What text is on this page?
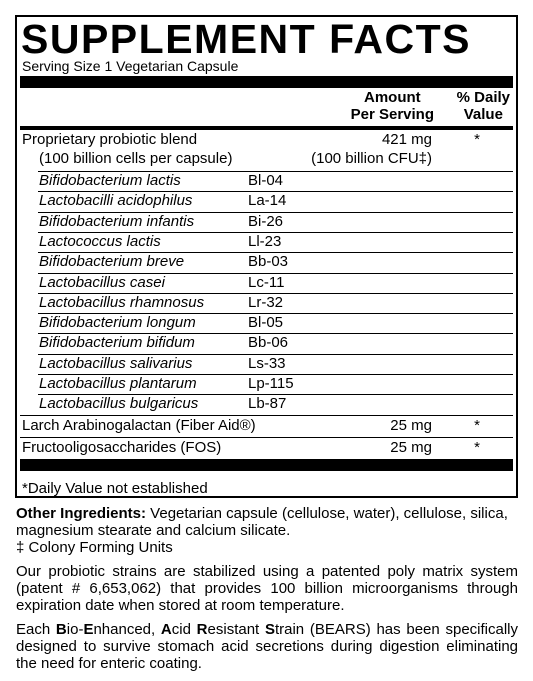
SUPPLEMENT FACTS
Serving Size 1 Vegetarian Capsule
Amount
Per Serving
% Daily
Value
Proprietary probiotic blend	421 mg	*
(100 billion cells per capsule)	(100 billion CFU‡)
Bifidobacterium lactis	Bl-04
Lactobacilli acidophilus	La-14
Bifidobacterium infantis	Bi-26
Lactococcus lactis	Ll-23
Bifidobacterium breve	Bb-03
Lactobacillus casei	Lc-11
Lactobacillus rhamnosus	Lr-32
Bifidobacterium longum	Bl-05
Bifidobacterium bifidum	Bb-06
Lactobacillus salivarius	Ls-33
Lactobacillus plantarum	Lp-115
Lactobacillus bulgaricus	Lb-87
Larch Arabinogalactan (Fiber Aid®)	25 mg	*
Fructooligosaccharides (FOS)	25 mg	*
*Daily Value not established

Other Ingredients: Vegetarian capsule (cellulose, water), cellulose, silica, magnesium stearate and calcium silicate.

‡ Colony Forming Units

Our probiotic strains are stabilized using a patented poly matrix system (patent # 6,653,062) that provides 100 billion microorganisms through expiration date when stored at room temperature.

Each Bio-Enhanced, Acid Resistant Strain (BEARS) has been specifically designed to survive stomach acid secretions during digestion eliminating the need for enteric coating.
